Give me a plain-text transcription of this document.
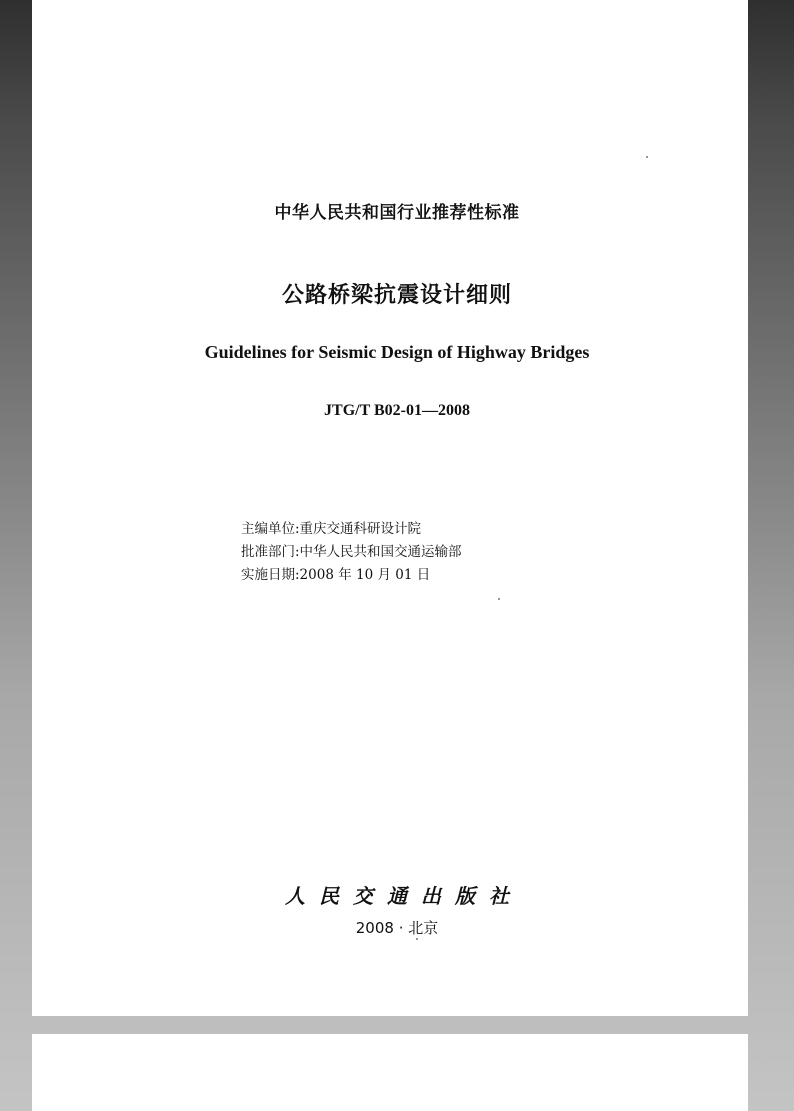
中华人民共和国行业推荐性标准
公路桥梁抗震设计细则
Guidelines for Seismic Design of Highway Bridges
JTG/T B02-01—2008
主编单位:重庆交通科研设计院
批准部门:中华人民共和国交通运输部
实施日期:2008 年 10 月 01 日
人民交通出版社
2008 · 北京
